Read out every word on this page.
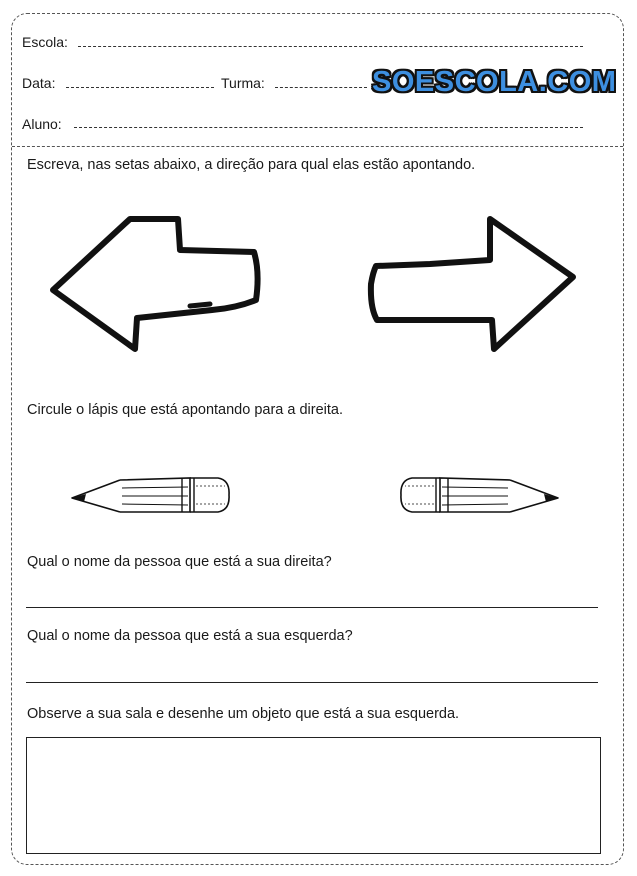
Escola:
Data:	Turma:	SOESCOLA.COM
Aluno:
Escreva, nas setas abaixo, a direção para qual elas estão apontando.
Circule o lápis que está apontando para a direita.
Qual o nome da pessoa que está a sua direita?
Qual o nome da pessoa que está a sua esquerda?
Observe a sua sala e desenhe um objeto que está a sua esquerda.
